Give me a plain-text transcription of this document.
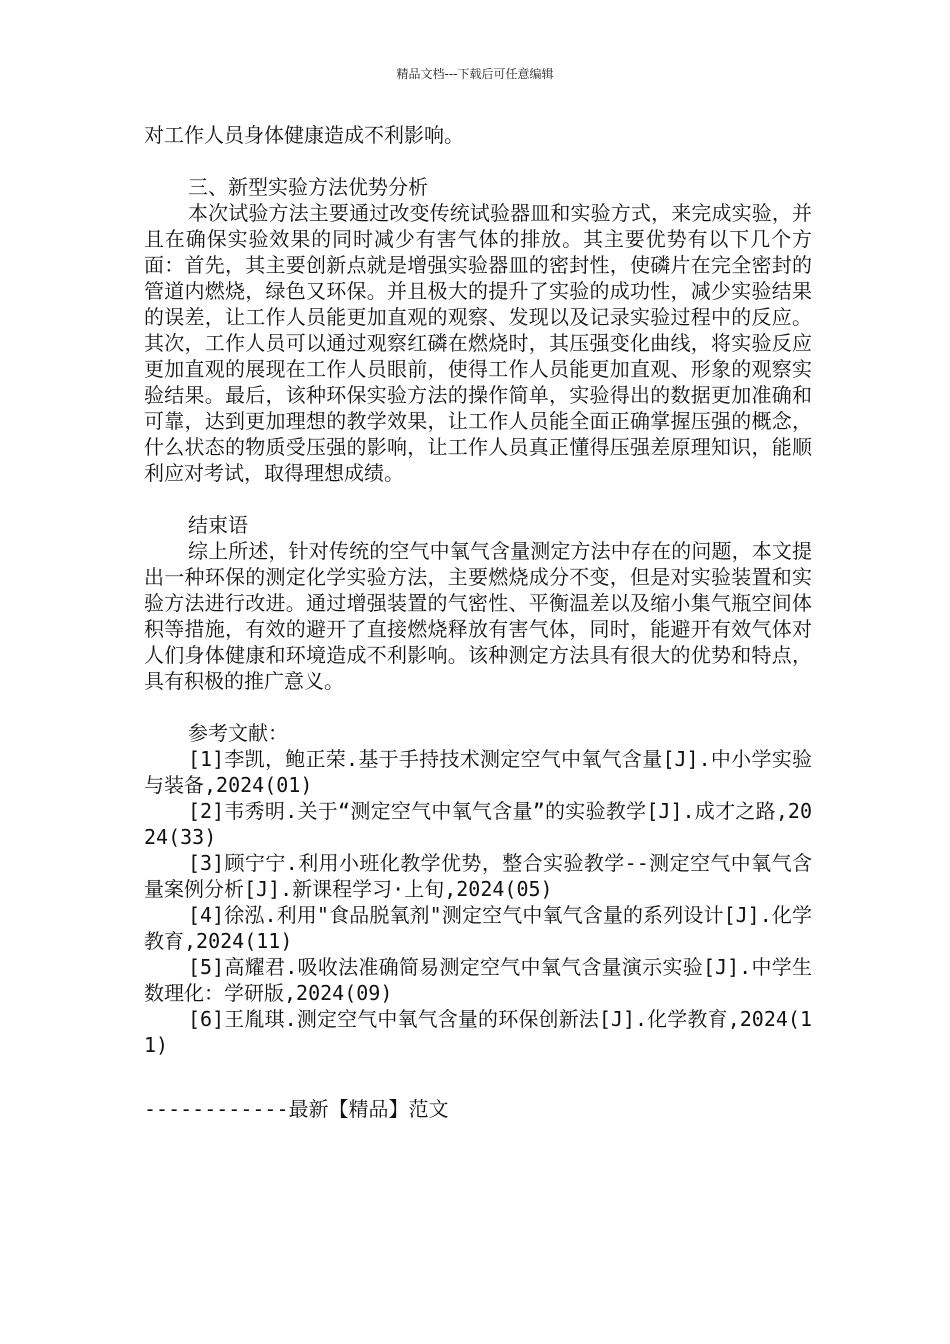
精品文档---下载后可任意编辑

对工作人员身体健康造成不利影响。

三、新型实验方法优势分析

本次试验方法主要通过改变传统试验器皿和实验方式，来完成实验，并且在确保实验效果的同时减少有害气体的排放。其主要优势有以下几个方面：首先，其主要创新点就是增强实验器皿的密封性，使磷片在完全密封的管道内燃烧，绿色又环保。并且极大的提升了实验的成功性，减少实验结果的误差，让工作人员能更加直观的观察、发现以及记录实验过程中的反应。其次，工作人员可以通过观察红磷在燃烧时，其压强变化曲线，将实验反应更加直观的展现在工作人员眼前，使得工作人员能更加直观、形象的观察实验结果。最后，该种环保实验方法的操作简单，实验得出的数据更加准确和可靠，达到更加理想的教学效果，让工作人员能全面正确掌握压强的概念，什么状态的物质受压强的影响，让工作人员真正懂得压强差原理知识，能顺利应对考试，取得理想成绩。

结束语

综上所述，针对传统的空气中氧气含量测定方法中存在的问题，本文提出一种环保的测定化学实验方法，主要燃烧成分不变，但是对实验装置和实验方法进行改进。通过增强装置的气密性、平衡温差以及缩小集气瓶空间体积等措施，有效的避开了直接燃烧释放有害气体，同时，能避开有效气体对人们身体健康和环境造成不利影响。该种测定方法具有很大的优势和特点，具有积极的推广意义。

参考文献：

[1]李凯，鲍正荣.基于手持技术测定空气中氧气含量[J].中小学实验与装备,2024(01)

[2]韦秀明.关于“测定空气中氧气含量”的实验教学[J].成才之路,2024(33)

[3]顾宁宁.利用小班化教学优势，整合实验教学--测定空气中氧气含量案例分析[J].新课程学习·上旬,2024(05)

[4]徐泓.利用"食品脱氧剂"测定空气中氧气含量的系列设计[J].化学教育,2024(11)

[5]高耀君.吸收法准确简易测定空气中氧气含量演示实验[J].中学生数理化：学研版,2024(09)

[6]王胤琪.测定空气中氧气含量的环保创新法[J].化学教育,2024(11)

------------最新【精品】范文
